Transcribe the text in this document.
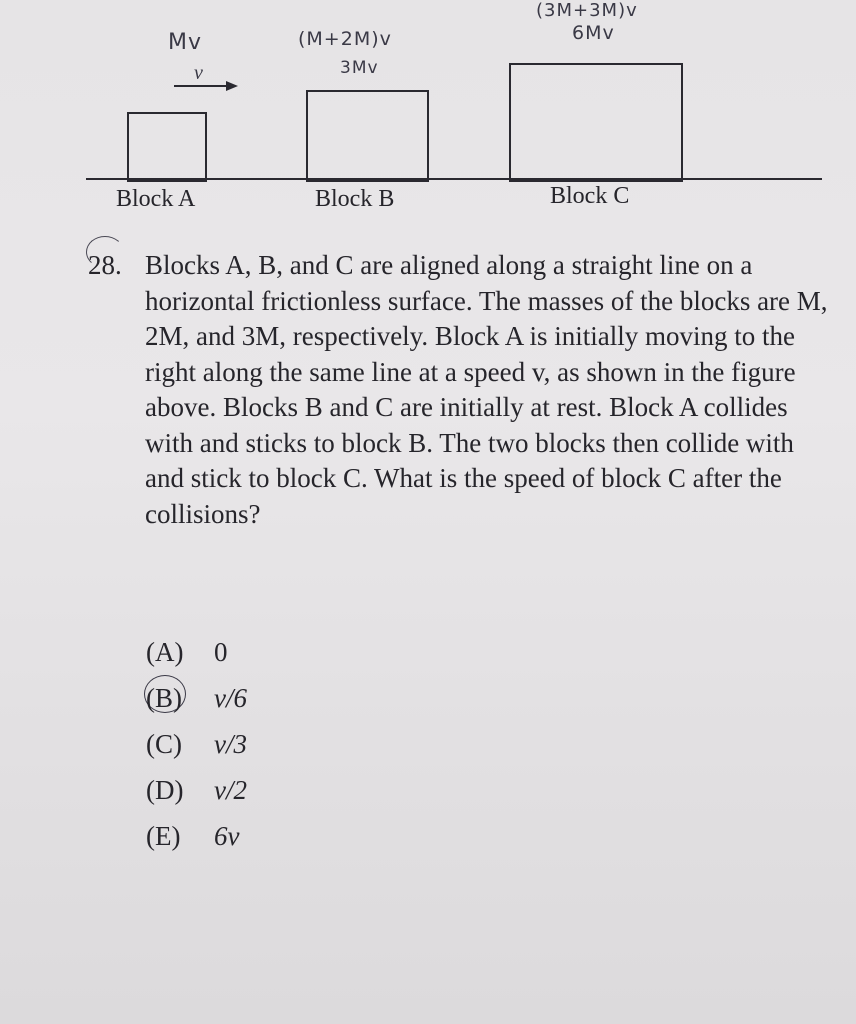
Mv
v
(M+2M)v
3Mv
(3M+3M)v
6Mv
Block A	Block B	Block C
28. Blocks A, B, and C are aligned along a straight line on a horizontal frictionless surface. The masses of the blocks are M, 2M, and 3M, respectively. Block A is initially moving to the right along the same line at a speed v, as shown in the figure above. Blocks B and C are initially at rest. Block A collides with and sticks to block B. The two blocks then collide with and stick to block C. What is the speed of block C after the collisions?
(A)	0
(B)	v/6
(C)	v/3
(D)	v/2
(E)	6v
